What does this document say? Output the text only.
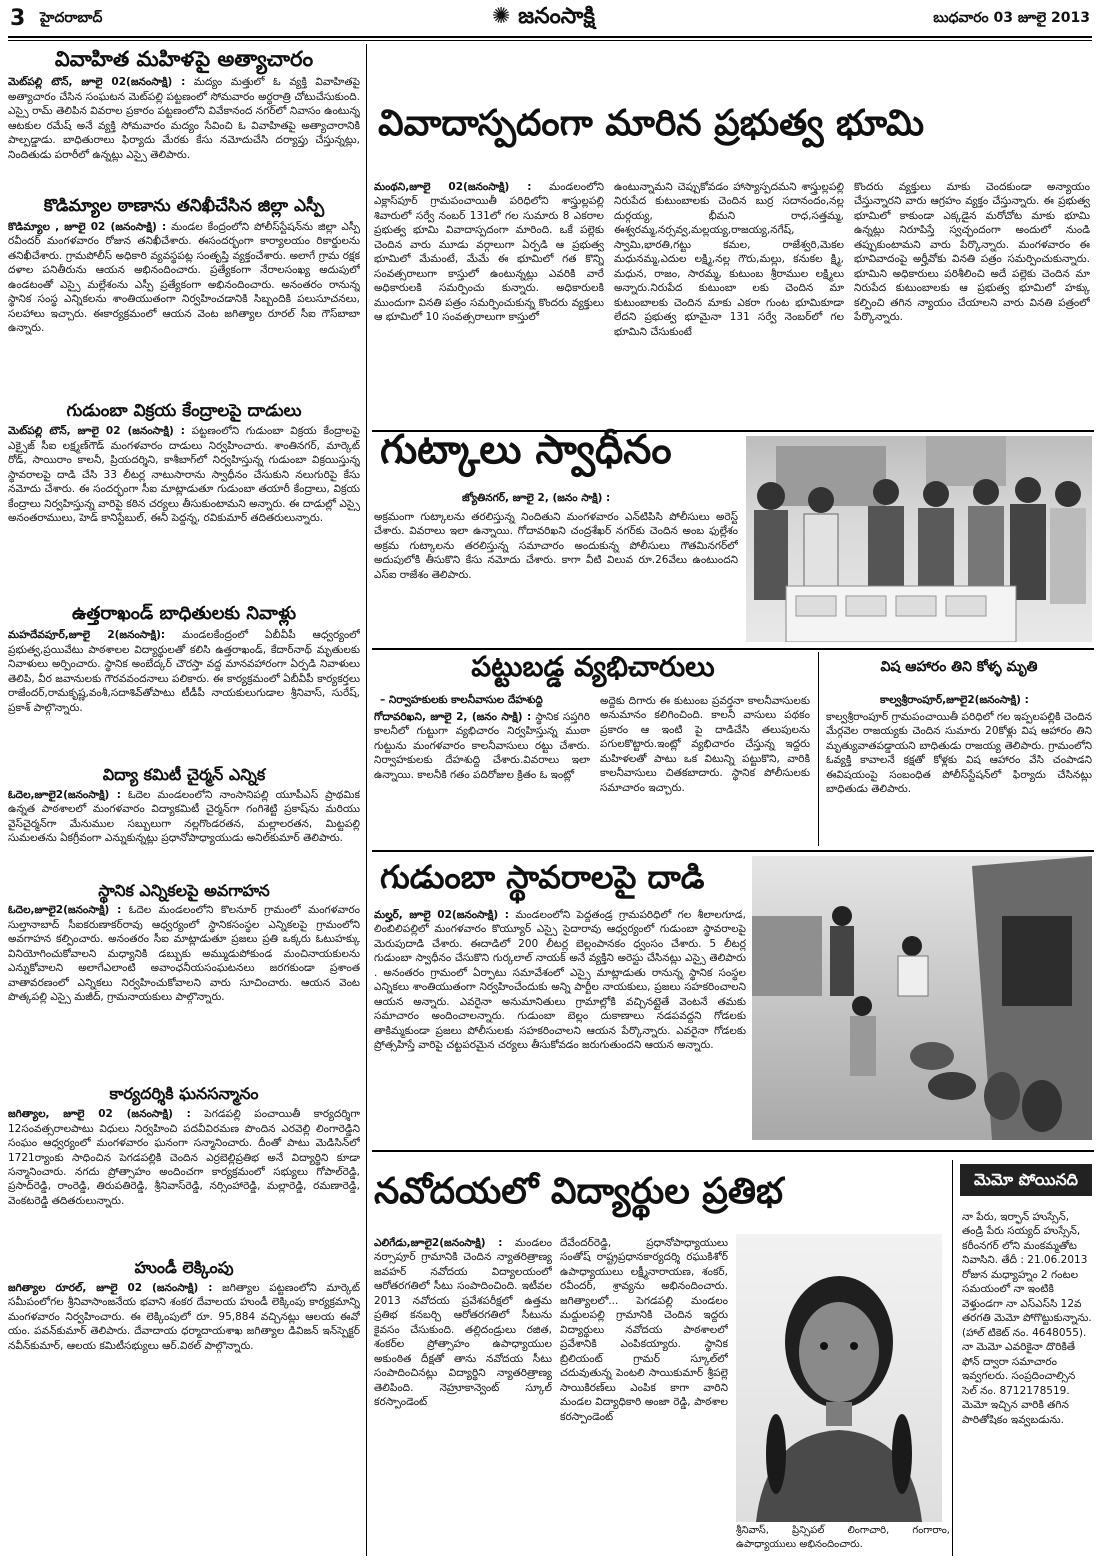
3 హైదరాబాద్	✺ జనంసాక్షి	బుధవారం 03 జూలై 2013
వివాహిత మహిళపై అత్యాచారం
మెట్‌పల్లి టౌన్, జూలై 02(జనంసాక్షి) : మద్యం మత్తులో ఓ వ్యక్తి వివాహితపై అత్యాచారం చేసిన సంఘటన మెట్‌పల్లి పట్టణంలో సోమవారం అర్ధరాత్రి చోటుచేసుకుంది. ఎస్సై రామ్ తెలిపిన వివరాల ప్రకారం పట్టణంలోని వివేకానంద నగర్‌లో నివాసం ఉంటున్న ఆటకుల రమేష్ అనే వ్యక్తి సోమవారం మద్యం సేవించి ఓ వివాహితపై అత్యాచారానికి పాల్పడ్డాడు. బాధితురాలు ఫిర్యాదు మేరకు కేసు నమోదుచేసి దర్యాప్తు చేస్తున్నట్లు, నిందితుడు పరారీలో ఉన్నట్లు ఎస్సై తెలిపారు.
కొడిమ్యాల ఠాణాను తనిఖీచేసిన జిల్లా ఎస్పీ
కొడిమ్యాల , జూలై 02 (జనంసాక్షి) : మండల కేంద్రంలోని పోలీస్‌స్టేషన్‌ను జిల్లా ఎస్పీ రవీందర్ మంగళవారం రోజున తనిఖీచేశారు. ఈసందర్భంగా కార్యాలయం రికార్డులను తనిఖీచేశారు. గ్రామపోలీస్ అధికారి వ్యవస్థపట్ల సంతృప్తి వ్యక్తంచేశారు. అలాగే గ్రామ రక్షక దళాల పనితీరును ఆయన అభినందించారు. ప్రత్యేకంగా నేరాలసంఖ్య అదుపులో ఉండటంతో ఎస్సై మల్లేశంను ఎస్పీ ప్రత్యేకంగా అభినందించారు. అనంతరం రానున్న స్థానిక సంస్థ ఎన్నికలను శాంతియుతంగా నిర్వహించడానికి సిబ్బందికి పలుసూచనలు, సలహాలు ఇచ్చారు. ఈకార్యక్రమంలో ఆయన వెంట జగిత్యాల రూరల్ సీఐ గౌస్‌బాబా ఉన్నారు.
గుడుంబా విక్రయ కేంద్రాలపై దాడులు
మెట్‌పల్లి టౌన్, జూలై 02 (జనంసాక్షి) : పట్టణంలోని గుడుంబా విక్రయ కేంద్రాలపై ఎక్సైజ్ సీఐ లక్ష్మణ్‌గౌడ్ మంగళవారం దాడులు నిర్వహించారు. శాంతినగర్, మార్కెట్ రోడ్, సాయిరాం కాలనీ, ప్రియదర్శిని, కాశీబాగ్‌లో నిర్వహిస్తున్న గుడుంబా విక్రయిస్తున్న స్థావరాలపై దాడి చేసి 33 లీటర్ల నాటుసారాను స్వాధీనం చేసుకుని నలుగురిపై కేసు నమోదు చేశారు. ఈ సందర్భంగా సీఐ మాట్లాడుతూ గుడుంబా తయారీ కేంద్రాలు, విక్రయ కేంద్రాలు నిర్వహిస్తున్న వారిపై కఠిన చర్యలు తీసుకుంటామని అన్నారు. ఈ దాడుల్లో ఎస్సై అనంతరాములు, హెడ్ కానిస్టేబుల్, ఈనీ పెద్దన్న, రవికుమార్ తదితరులున్నారు.
ఉత్తరాఖండ్ బాధితులకు నివాళ్లు
మహదేవపూర్,జూలై 2(జనంసాక్షి): మండలకేంద్రంలో ఏబీవీపీ ఆధ్వర్యంలో ప్రభుత్వ,ప్రయివేటు పాఠశాలల విద్యార్థులతో కలిసి ఉత్తరాఖండ్, కేదార్‌నాథ్ మృతులకు నివాళులు అర్పించారు. స్థానిక అంబేద్కర్ చౌరస్తా వద్ద మానవహారంగా ఏర్పడి నివాళులు తెలిపి, వీర జవానులకు గౌరవవందనాలు పలికారు. ఈ కార్యక్రమంలో ఏబీవీపీ కార్యకర్తలు రాజేందర్,రామకృష్ణ,వంశీ,సదాశివ్‌తోపాటు టీడీపీ నాయకులుగుడాల శ్రీనివాస్, సురేష్, ప్రకాశ్ పాల్గొన్నారు.
విద్యా కమిటీ చైర్మన్ ఎన్నిక
ఓదెల,జూలై2(జనంసాక్షి) : ఓదెల మండలంలోని నాంసానిపల్లి యూపీఎస్ ప్రాథమిక ఉన్నత పాఠశాలలో మంగళవారం విద్యాకమిటీ చైర్మన్‌గా గంగిశెట్టి ప్రకాష్‌ను మరియు వైస్‌చైర్మన్‌గా మేనుముల సబ్బులుగా నల్లగొండరతన, మల్లాలరతన, మిట్టపల్లి సుమలతను ఏకగ్రీవంగా ఎన్నుకున్నట్లు ప్రధానోపాధ్యాయుడు అనిల్‌కుమార్ తెలిపారు.
స్థానిక ఎన్నికలపై అవగాహన
ఓదెల,జూలై2(జనంసాక్షి) : ఓదెల మండలంలోని కొలనూర్ గ్రామంలో మంగళవారం సుల్తానాబాద్ సీఐకరుణాకర్‌రావు ఆధ్వర్యంలో స్థానికసంస్థల ఎన్నికలపై గ్రామంలోని అవగాహన కల్పించారు. అనంతరం సీఐ మాట్లాడుతూ ప్రజలు ప్రతి ఒక్కరు ఓటుహక్కు వినియోగించుకోవాలని మధ్యానికి డబ్బుకు అమ్ముడుపోకుండ మంచినాయకులను ఎన్నుకోవాలని అలాగేఎలాంటి అవాంఛనీయసంఘటనలు జరగకుండా ప్రశాంత వాతావరణంలో ఎన్నికలు నిర్వహించుకోవాలని వారు సూచించారు. ఆయన వెంట పొత్కపల్లి ఎస్సై మజీద్, గ్రామనాయకులు పాల్గొన్నారు.
కార్యదర్శికి ఘనసన్మానం
జగిత్యాల, జూలై 02 (జనంసాక్షి) : పెగడపల్లి పంచాయితీ కార్యదర్శిగా 12సంవత్సరాలపాటు విధులు నిర్వహించి పదవీవిరమణ పొందిన ఎరవెల్లి లింగారెడ్డిని సంఘం ఆధ్వర్యంలో మంగళవారం ఘనంగా సన్మానించారు. దీంతో పాటు మెడిసిన్‌లో 1721ర్యాంకు సాధించిన పెగడపల్లికి చెందిన ఎర్రబెల్లిప్రతిభ అనే విద్యార్థిని కూడా సన్మానించారు. నగదు ప్రోత్సాహం అందించగా కార్యక్రమంలో సభ్యులు గోపాల్‌రెడ్డి, ప్రసాద్‌రెడ్డి, రాంరెడ్డి, తిరుపతిరెడ్డి, శ్రీనివాస్‌రెడ్డి, నర్సింహారెడ్డి, మల్లారెడ్డి, రమణారెడ్డి, వెంకటరెడ్డి తదితరులున్నారు.
హుండీ లెక్కింపు
జగిత్యాల రూరల్, జూలై 02 (జనంసాక్షి) : జగిత్యాల పట్టణంలోని మార్కెట్ సమీపంలోగల శ్రీనివాసాంజనేయ భవాని శంకర దేవాలయ హుండీ లెక్కింపు కార్యక్రమాన్ని మంగళవారం నిర్వహించారు. ఈ లెక్కింపులో రూ. 95,884 వచ్చినట్లు ఆలయ ఈవో యం. పవన్‌కుమార్ తెలిపారు. దేవాదాయ ధర్మాదాయశాఖ జగిత్యాల డివిజన్ ఇన్‌స్పెక్టర్ నవీన్‌కుమార్, ఆలయ కమిటీసభ్యులు ఆర్.విఠల్ పాల్గొన్నారు.
వివాదాస్పదంగా మారిన ప్రభుత్వ భూమి
మంథని,జూలై 02(జనంసాక్షి) : మండలంలోని ఎక్లాస్‌పూర్ గ్రామపంచాయితీ పరిధిలోని శాస్త్రుల్లపల్లి శివారులో సర్వే నంబర్ 131లో గల సుమారు 8 ఎకరాల ప్రభుత్వ భూమి వివాదాస్పదంగా మారింది. ఒకే పల్లెకు చెందిన వారు మూడు వర్గాలుగా ఏర్పడి ఆ ప్రభుత్వ భూమిలో మేమంటే, మేమే ఈ భూమిలో గత కొన్ని సంవత్సరాలుగా కాస్తులో ఉంటున్నట్లు ఎవరికి వారే అధికారులకి సమర్పించు కున్నారు. అధికారులకి ముందుగా వినతి పత్రం సమర్పించుకున్న కొందరు వ్యక్తులు ఆ భూమిలో 10 సంవత్సరాలుగా కాస్తులో
ఉంటున్నామని చెప్పుకోవడం హాస్యాస్పదమని శాస్త్రుల్లపల్లి నిరుపేద కుటుంబాలకు చెందిన బుర్ర సదానందం,నల్ల దుర్గయ్య, భీమని రాధ,సత్తమ్మ, ఈశ్వరమ్మ,నర్సవ్వ,మల్లయ్య,రాజయ్య,నగేష్, స్వామి,భారతి,గట్టు కమల, రాజేశ్వరి,మెకల మధునమ్మ,ఎదుల లక్ష్మి,నల్ల గౌరు,మల్లు, కనుకల క్ష్మి, మధున, రాజం, సారమ్మ, కుటుంబ శ్రీరాముల లక్ష్మిలు అన్నారు.నిరుపేద కుటుంబా లకు చెందిన మా కుటుంబాలకు చెందిన మాకు ఎకరా గుంట భూమికూడా లేదని ప్రభుత్వ భూమైనా 131 సర్వే నెంబర్‌లో గల భూమిని చేసుకుంటే
కొందరు వ్యక్తులు మాకు చెందకుండా అన్యాయం చేస్తున్నారని వారు ఆగ్రహం వ్యక్తం చేస్తున్నారు. ఈ ప్రభుత్వ భూమిలో కాకుండా ఎక్కడైన మరోచోట మాకు భూమి ఉన్నట్లు నిరూపిస్తే స్వచ్ఛందంగా అందులో నుండి తప్పుకుంటామని వారు పేర్కొన్నారు. మంగళవారం ఈ భూవివాదంపై అర్హీవోకు వినతి పత్రం సమర్పించుకున్నారు. భూమిని అధికారులు పరిశీలించి అదే పల్లెకు చెందిన మా నిరుపేద కుటుంబాలకు ఆ ప్రభుత్వ భూమిలో హక్కు కల్పించి తగిన న్యాయం చేయాలని వారు వినతి పత్రంలో పేర్కొన్నారు.
గుట్కాలు స్వాధీనం
జ్యోతినగర్, జూలై 2, (జనం సాక్షి) :
అక్రమంగా గుట్కాలను తరలిస్తున్న నిందితుని మంగళవారం ఎన్‌టిపిసి పోలీసులు అరెస్ట్ చేశారు. వివరాలు ఇలా ఉన్నాయి. గోదావరిఖని చంద్రశేఖర్ నగర్‌కు చెందిన అంబ ఫుల్లేశం అక్రమ గుట్కాలను తరలిస్తున్న సమాచారం అందుకున్న పోలీసులు గౌతమినగర్‌లో అదుపులోకి తీసుకొని కేసు నమోదు చేశారు. కాగా వీటి విలువ రూ.26వేలు ఉంటుందని ఎస్ఐ రాజేశం తెలిపారు.
పట్టుబడ్డ వ్యభిచారులు
– నిర్వాహకులకు కాలనీవాసుల దేహశుద్ది
గోదావరిఖని, జూలై 2, (జనం సాక్షి) : స్థానిక సప్తగిరి కాలనీలో గుట్టుగా వ్యభిచారం నిర్వహిస్తున్న ముఠా గుట్టును మంగళవారం కాలనీవాసులు రట్టు చేశారు. నిర్వాహకులకు దేహశుద్ది చేశారు.వివరాలు ఇలా ఉన్నాయి. కాలనీకి గతం పదిరోజుల క్రితం ఓ ఇంట్లో
అద్దెకు దిగారు ఈ కుటుంబ ప్రవర్తనా కాలనీవాసులకు అనుమానం కలిగించింది. కాలనీ వాసులు పథకం ప్రకారం ఆ ఇంటి పై దాడిచేసి తలుపులను పగులకొట్టారు.ఇంట్లో వ్యభిచారం చేస్తున్న ఇద్దరు మహిళలతో పాటు ఒక విటున్ని పట్టుకొని, వారికి కాలనీవాసులు చితకబాదారు. స్థానిక పోలీసులకు సమాచారం ఇచ్చారు.
విష ఆహారం తిని కోళ్ళ మృతి
కాల్వశ్రీరాంపూర్,జూలై2(జనంసాక్షి) :
కాల్వశ్రీరాంపూర్ గ్రామపంచాయితీ పరిధిలో గల ఇప్పలపల్లికి చెందిన మేర్గవెల రాజయ్యకు చెందిన సుమారు 20కోళ్లు విష ఆహారం తిని మృత్యువాతపడ్డాయని బాధితుడు రాజయ్య తెలిపారు. గ్రామంలోని ఓవ్యక్తి కావాలనే కక్షతో కోళ్లకు విష ఆహారం వేసి చంపాడని ఈవిషయంపై సంబంధిత పోలీస్‌స్టేషన్‌లో ఫిర్యాదు చేసినట్లు బాధితుడు తెలిపారు.
గుడుంబా స్థావరాలపై దాడి
మల్హర్, జూలై 02(జనంసాక్షి) : మండలంలోని పెద్దతండ్ర గ్రామపరిధిలో గల శీలాలగూడ, లింబిలిపల్లిలో మంగళవారం కొయ్యూర్ ఎస్సై సైదారావు ఆధ్వర్యంలో గుడుంబా స్థావరాలపై మెరుపుదాడి చేశారు. ఈదాడిలో 200 లీటర్ల బెల్లంపానకం ధ్వంసం చేశారు. 5 లీటర్ల గుడుంబా స్వాధీనం చేసుకొని గుర్కలాల్ నాయక్ అనే వ్యక్తిని అరెస్టు చేసినట్లు ఎస్సై తెలిపారు . అనంతరం గ్రామంలో ఏర్పాటు సమావేశంలో ఎస్సై మాట్లాడుతు రానున్న స్థానిక సంస్థల ఎన్నికలు శాంతియుతంగా నిర్వహించేందుకు అన్ని పార్టీల నాయకులు, ప్రజలు సహకరించాలని ఆయన అన్నారు. ఎవరైనా అనుమానితులు గ్రామాల్లోకి వచ్చినట్లైతే వెంటనే తమకు సమాచారం అందించాలన్నారు. గుడుంబా బెల్లం దుకాణాలు నడపవద్దని గోడలకు తాకిమ్మకుండా ప్రజలు పోలీసులకు సహకరించాలని ఆయన పేర్కొన్నారు. ఎవరైనా గోడలకు ప్రోత్సహిస్తే వారిపై చట్టపరమైన చర్యలు తీసుకోవడం జరుగుతుందని ఆయన అన్నారు.
నవోదయలో విద్యార్థుల ప్రతిభ
ఎలిగేడు,జూలై2(జనంసాక్షి) : మండలం నర్సాపూర్ గ్రామానికి చెందిన న్యాతరిత్రాణ్య జవహర్‌ నవోదయ విద్యాలయంలో ఆరోతరగతిలో సీటు సంపాదించింది. ఇటీవల 2013 నవోదయ ప్రవేశపరీక్షలో ఉత్తమ ప్రతిభ కనబర్చి ఆరోతరగతిలో సీటును కైవసం చేసుకుంది. తల్లిదండ్రులు రజిత, శంకర్‌ల ప్రోత్సాహం ఉపాధ్యాయుల అకుంఠిత దీక్షతో తాను నవోదయ సీటు సంపాదించినట్లు విద్యార్థిని న్యాతరిత్రాణ్య తెలిపింది. నెహ్రూకాన్వెంట్ స్కూల్ కరస్పాండెంట్
దేవేందర్‌రెడ్డి, ప్రధానోపాధ్యాయులు సంతోష్ రాష్ట్రప్రధానకార్యదర్శి రఘుకిశోర్ ఉపాధ్యాయులు లక్ష్మీనారాయణ, శంకర్, రవీందర్, శ్రావ్యను అభినందించారు. జగిత్యాలలో... పెగడపల్లి మండలం మద్దులపల్లి గ్రామానికి చెందిన ఇద్దరు విద్యార్థులు నవోదయ పాఠశాలలో ప్రవేశానికి ఎంపికయ్యారు. స్థానిక బ్రిలియంట్ గ్రామర్ స్కూల్‌లో చదువుతున్న పెంటలి సాయికుమార్ శ్రీపల్లె సాయికిరణ్‌లు ఎంపిక కాగా వారిని మండల విద్యాధికారి అంజా రెడ్డి, పాఠశాల కరస్పాండెంట్
శ్రీనివాస్, ప్రిన్సిపల్ లింగాచారి, గంగారాం, ఉపాధ్యాయులు అభినందించారు.
మెమో పోయినది
నా పేరు, ఇర్ఫాన్ హుస్సేన్, తండ్రి పేరు సయ్యద్ హుస్సేన్, కరీంనగర్ లోని మంకమ్మతోట నివాసిని. తేదీ : 21.06.2013 రోజున మధ్యాహ్నం 2 గంటల సమయంలో నా ఇంటికి వెళ్తుండగా నా ఎస్‌ఎస్‌సి 12వ తరగతి మెమో పోగొట్టుకున్నాను. (హాల్ టికెట్ నం. 4648055). నా మెమో ఎవరికైనా దొరికితే ఫోన్ ద్వారా సమాచారం ఇవ్వగలరు. సంప్రదించాల్సిన సెల్ నం. 8712178519. మెమో ఇచ్చిన వారికి తగిన పారితోషికం ఇవ్వబడును.
